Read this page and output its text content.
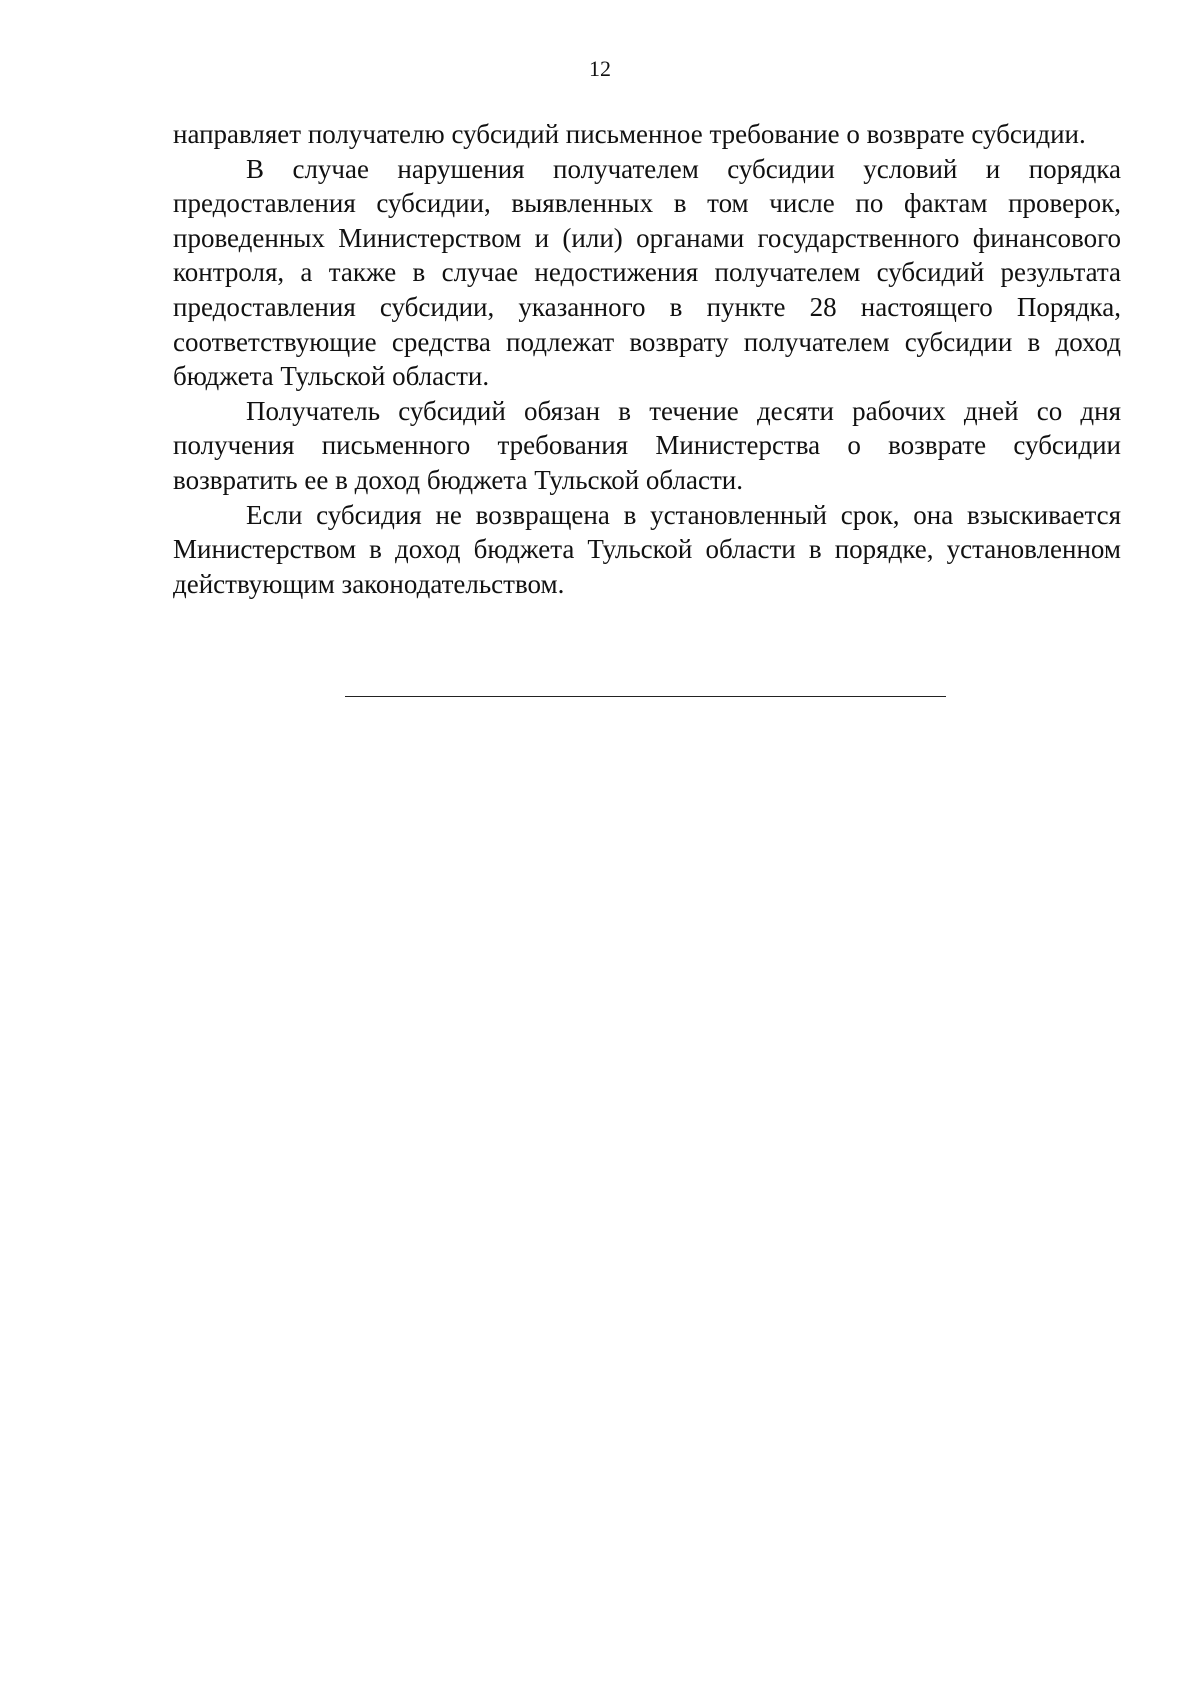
12

направляет получателю субсидий письменное требование о возврате субсидии.

В случае нарушения получателем субсидии условий и порядка предоставления субсидии, выявленных в том числе по фактам проверок, проведенных Министерством и (или) органами государственного финансового контроля, а также в случае недостижения получателем субсидий результата предоставления субсидии, указанного в пункте 28 настоящего Порядка, соответствующие средства подлежат возврату получателем субсидии в доход бюджета Тульской области.

Получатель субсидий обязан в течение десяти рабочих дней со дня получения письменного требования Министерства о возврате субсидии возвратить ее в доход бюджета Тульской области.

Если субсидия не возвращена в установленный срок, она взыскивается Министерством в доход бюджета Тульской области в порядке, установленном действующим законодательством.
